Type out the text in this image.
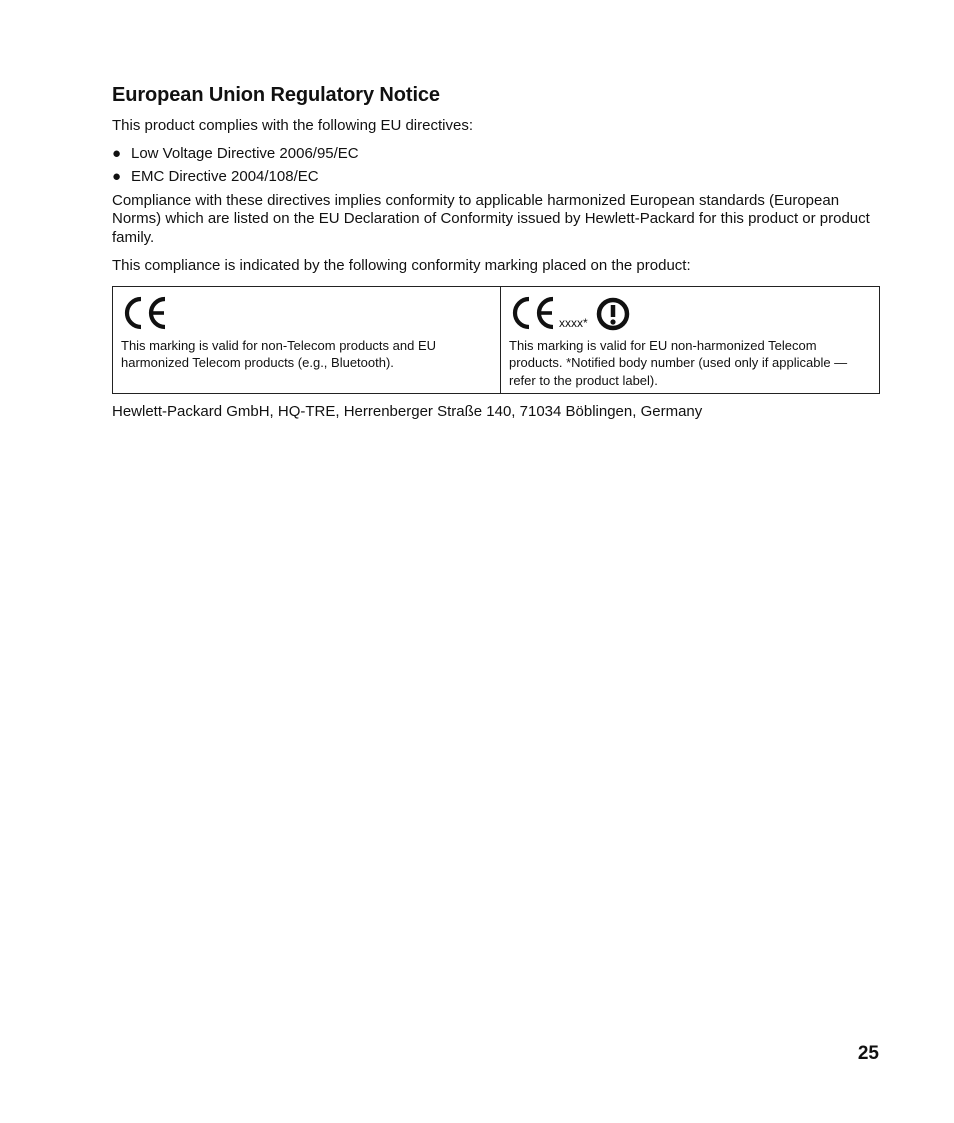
European Union Regulatory Notice

This product complies with the following EU directives:

● Low Voltage Directive 2006/95/EC
● EMC Directive 2004/108/EC

Compliance with these directives implies conformity to applicable harmonized European standards (European Norms) which are listed on the EU Declaration of Conformity issued by Hewlett-Packard for this product or product family.

This compliance is indicated by the following conformity marking placed on the product:

This marking is valid for non-Telecom products and EU harmonized Telecom products (e.g., Bluetooth).

xxxx*
This marking is valid for EU non-harmonized Telecom products. *Notified body number (used only if applicable — refer to the product label).

Hewlett-Packard GmbH, HQ-TRE, Herrenberger Straße 140, 71034 Böblingen, Germany

25
